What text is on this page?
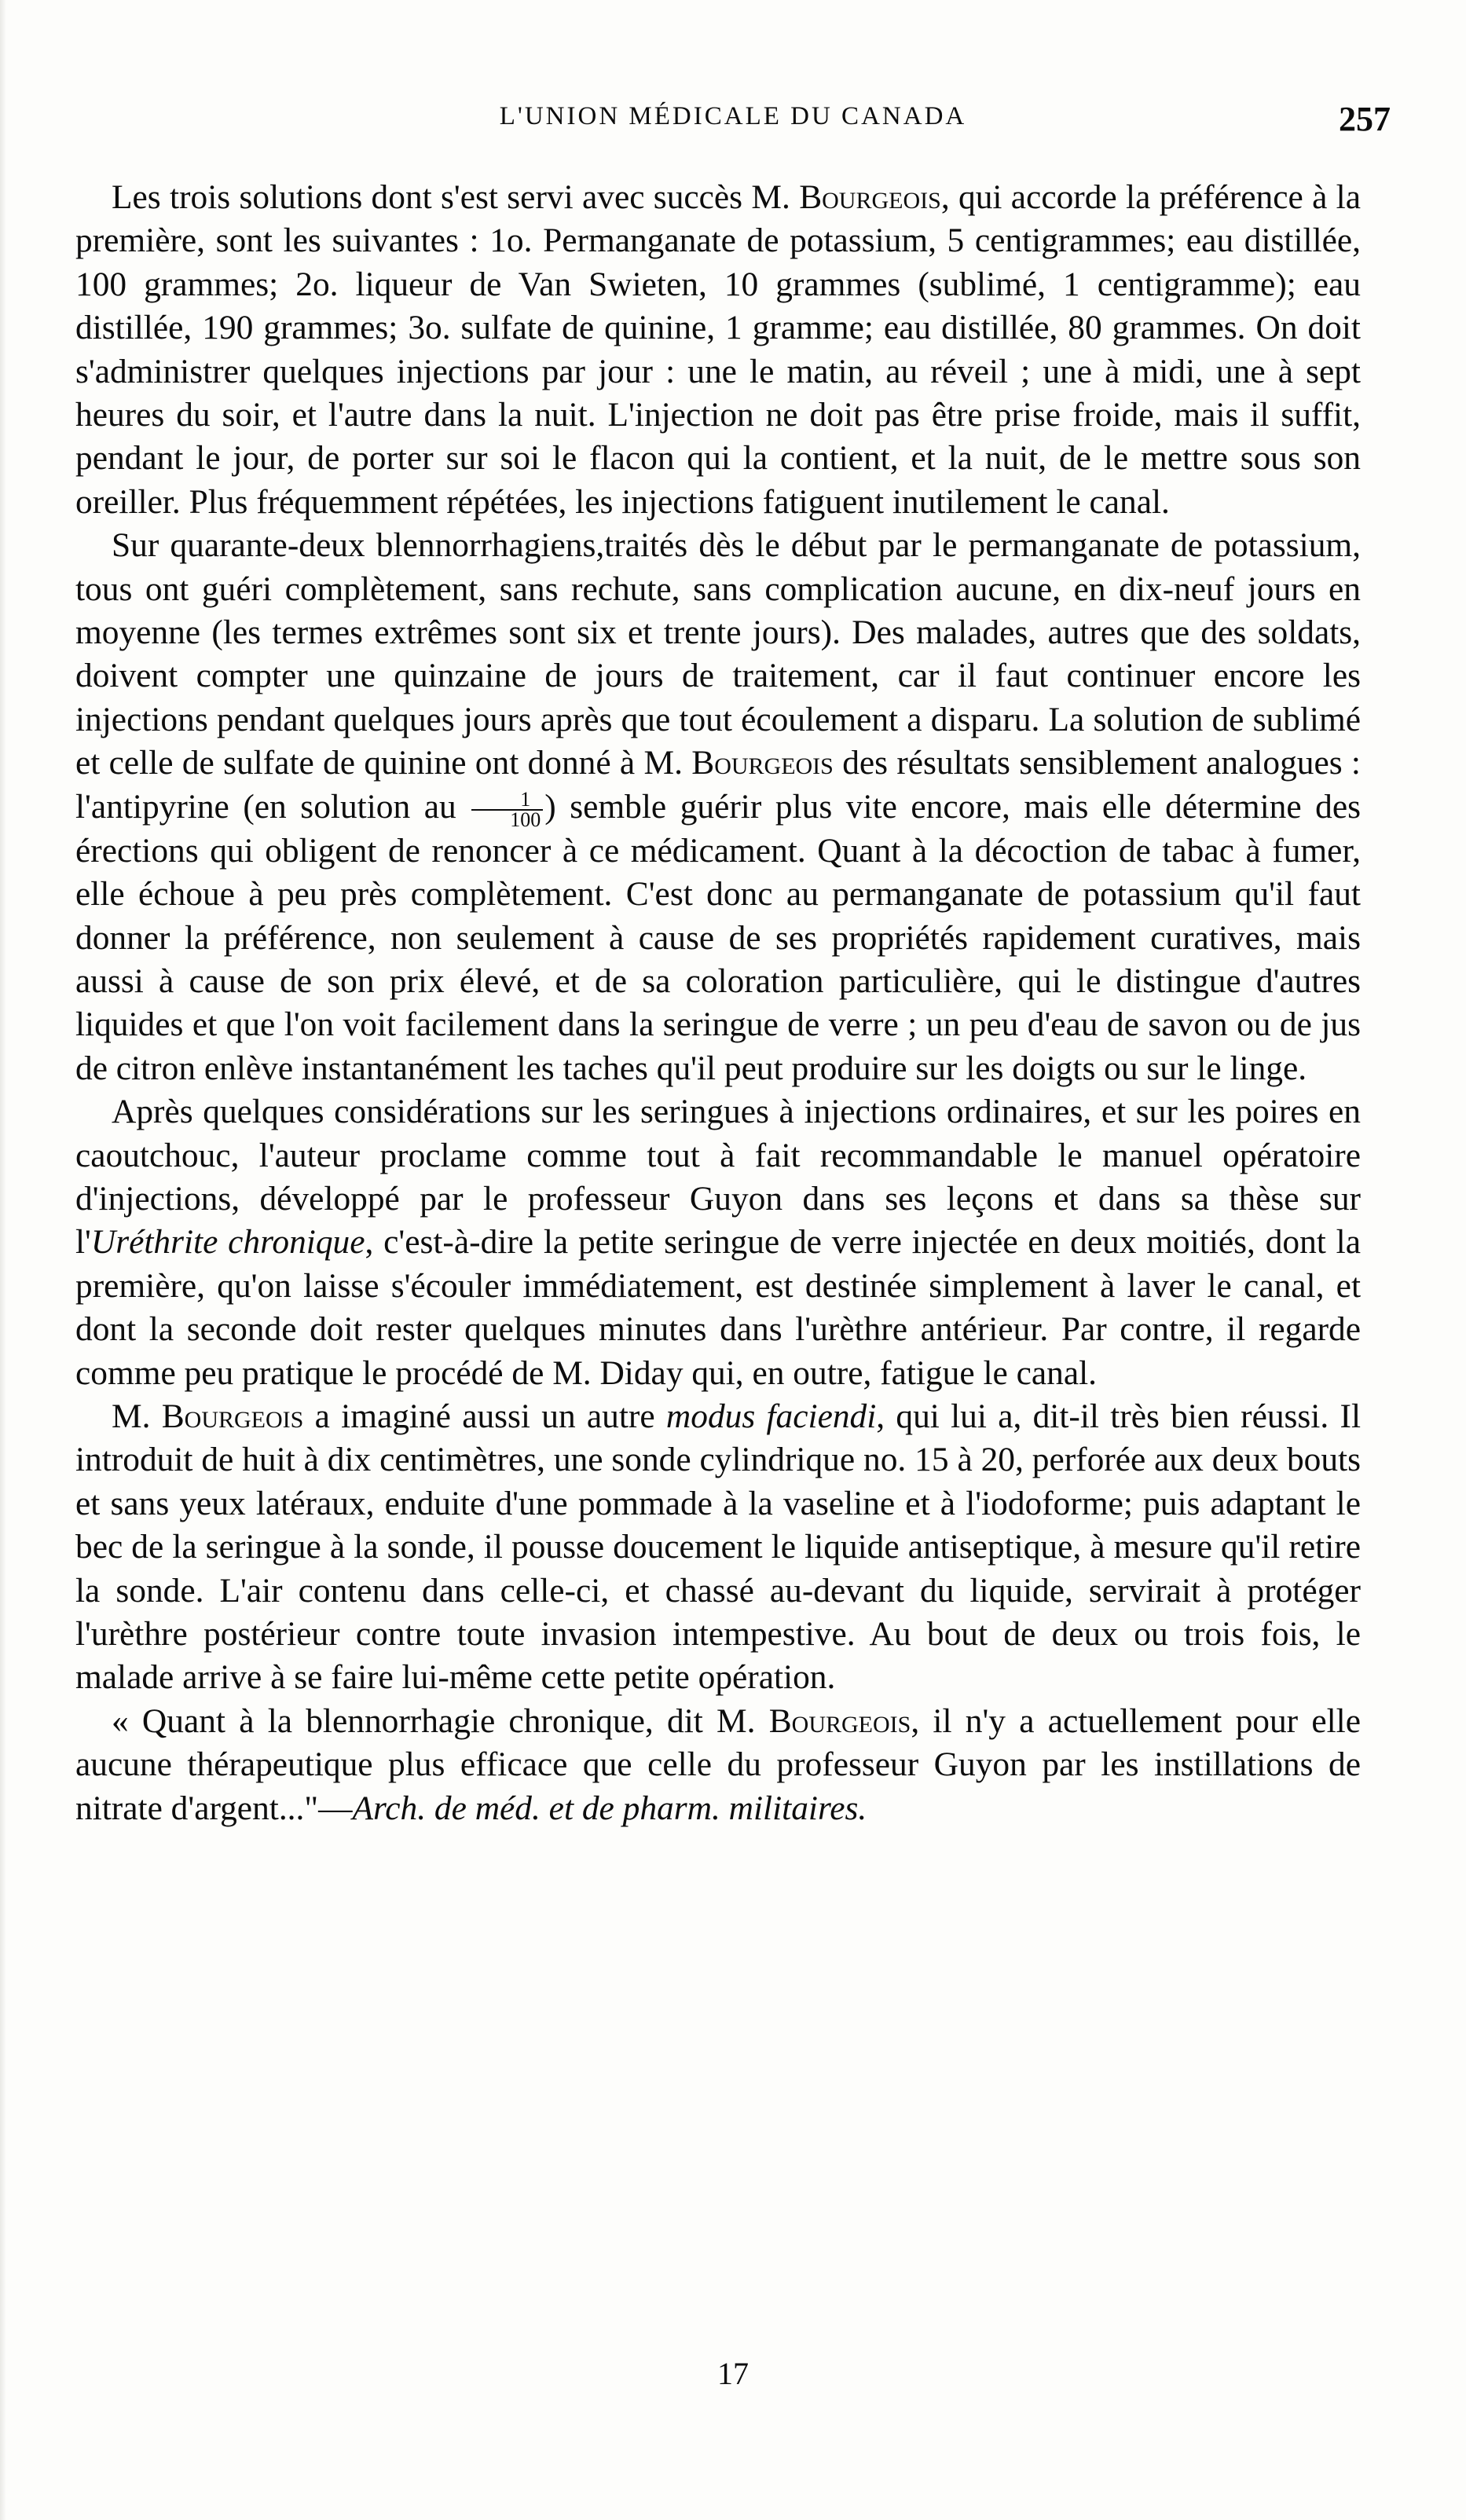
L'UNION MÉDICALE DU CANADA	257

Les trois solutions dont s'est servi avec succès M. Bourgeois, qui accorde la préférence à la première, sont les suivantes : 1o. Permanganate de potassium, 5 centigrammes; eau distillée, 100 grammes; 2o. liqueur de Van Swieten, 10 grammes (sublimé, 1 centigramme); eau distillée, 190 grammes; 3o. sulfate de quinine, 1 gramme; eau distillée, 80 grammes. On doit s'administrer quelques injections par jour : une le matin, au réveil ; une à midi, une à sept heures du soir, et l'autre dans la nuit. L'injection ne doit pas être prise froide, mais il suffit, pendant le jour, de porter sur soi le flacon qui la contient, et la nuit, de le mettre sous son oreiller. Plus fréquemment répétées, les injections fatiguent inutilement le canal.

Sur quarante-deux blennorrhagiens,traités dès le début par le permanganate de potassium, tous ont guéri complètement, sans rechute, sans complication aucune, en dix-neuf jours en moyenne (les termes extrêmes sont six et trente jours). Des malades, autres que des soldats, doivent compter une quinzaine de jours de traitement, car il faut continuer encore les injections pendant quelques jours après que tout écoulement a disparu. La solution de sublimé et celle de sulfate de quinine ont donné à M. Bourgeois des résultats sensiblement analogues : l'antipyrine (en solution au $\frac{1}{100}$ ) semble guérir plus vite encore, mais elle détermine des érections qui obligent de renoncer à ce médicament. Quant à la décoction de tabac à fumer, elle échoue à peu près complètement. C'est donc au permanganate de potassium qu'il faut donner la préférence, non seulement à cause de ses propriétés rapidement curatives, mais aussi à cause de son prix élevé, et de sa coloration particulière, qui le distingue d'autres liquides et que l'on voit facilement dans la seringue de verre ; un peu d'eau de savon ou de jus de citron enlève instantanément les taches qu'il peut produire sur les doigts ou sur le linge.

Après quelques considérations sur les seringues à injections ordinaires, et sur les poires en caoutchouc, l'auteur proclame comme tout à fait recommandable le manuel opératoire d'injections, développé par le professeur Guyon dans ses leçons et dans sa thèse sur l'Uréthrite chronique, c'est-à-dire la petite seringue de verre injectée en deux moitiés, dont la première, qu'on laisse s'écouler immédiatement, est destinée simplement à laver le canal, et dont la seconde doit rester quelques minutes dans l'urèthre antérieur. Par contre, il regarde comme peu pratique le procédé de M. Diday qui, en outre, fatigue le canal.

M. Bourgeois a imaginé aussi un autre modus faciendi, qui lui a, dit-il très bien réussi. Il introduit de huit à dix centimètres, une sonde cylindrique no. 15 à 20, perforée aux deux bouts et sans yeux latéraux, enduite d'une pommade à la vaseline et à l'iodoforme; puis adaptant le bec de la seringue à la sonde, il pousse doucement le liquide antiseptique, à mesure qu'il retire la sonde. L'air contenu dans celle-ci, et chassé au-devant du liquide, servirait à protéger l'urèthre postérieur contre toute invasion intempestive. Au bout de deux ou trois fois, le malade arrive à se faire lui-même cette petite opération.

« Quant à la blennorrhagie chronique, dit M. Bourgeois, il n'y a actuellement pour elle aucune thérapeutique plus efficace que celle du professeur Guyon par les instillations de nitrate d'argent..."—Arch. de méd. et de pharm. militaires.

17
